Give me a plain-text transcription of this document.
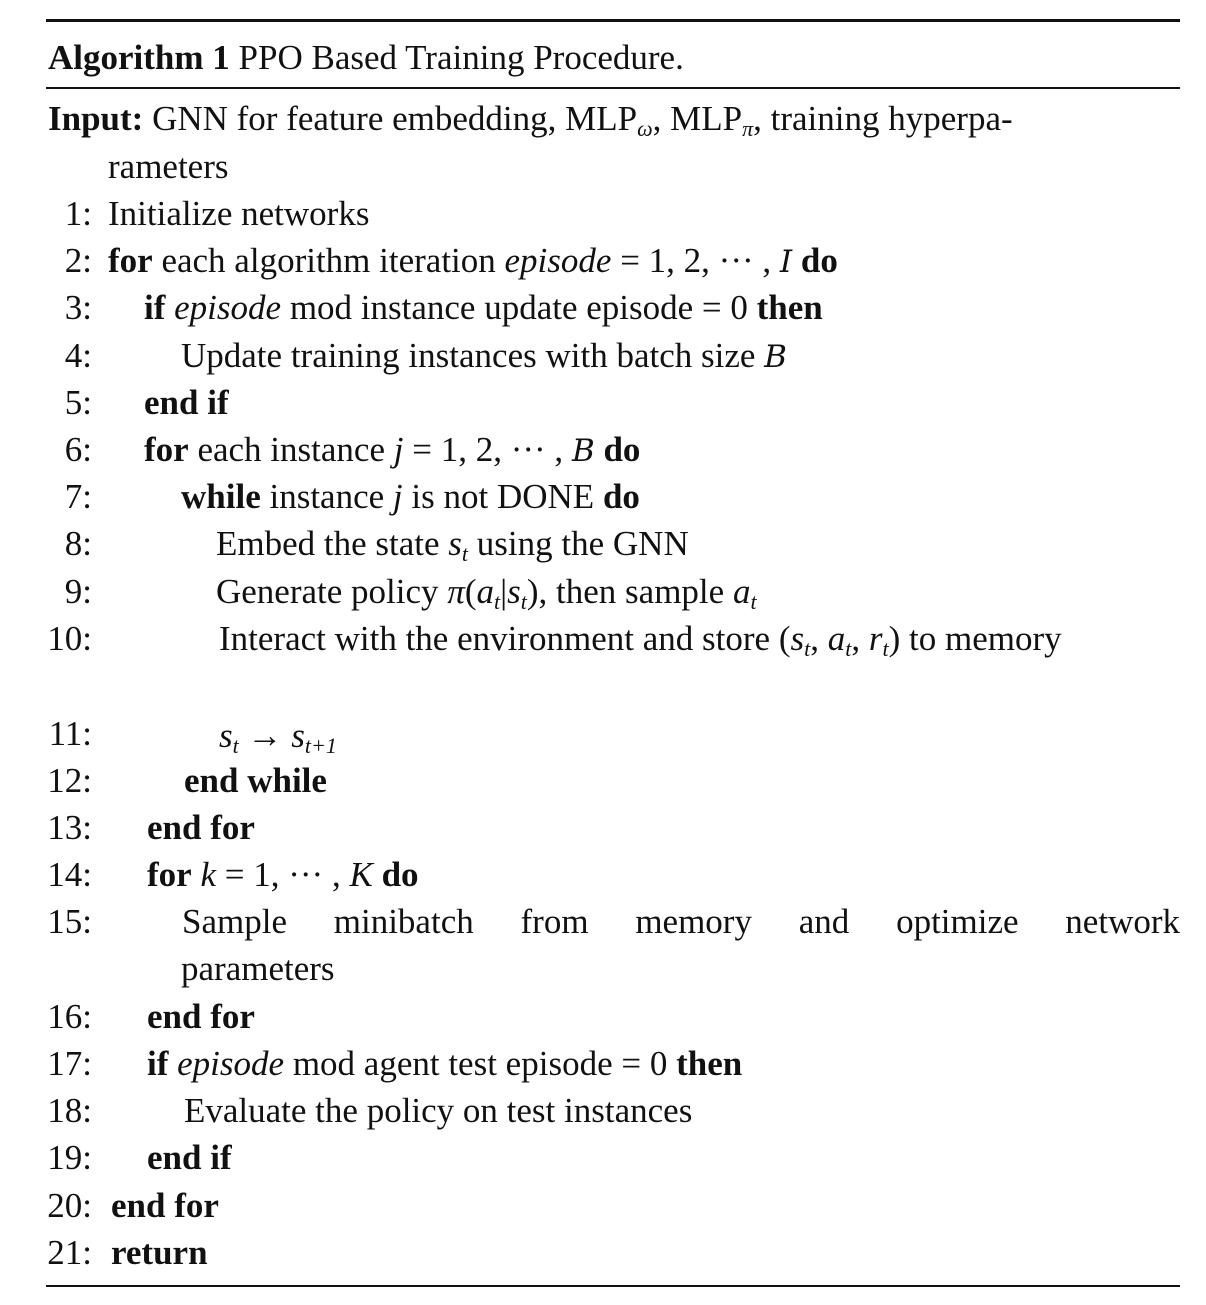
Algorithm 1 PPO Based Training Procedure.
Input: GNN for feature embedding, $MLP_\omega$, $MLP_\pi$, training hyperpa-
rameters
1: Initialize networks
2: for each algorithm iteration episode = 1, 2, ··· , I do
3: if episode mod instance update episode = 0 then
4:	Update training instances with batch size B
5: end if
6: for each instance j = 1, 2, ··· , B do
7:	while instance j is not DONE do
8:	Embed the state $s_t$ using the GNN
9:	Generate policy $\pi(a_t|s_t)$, then sample $a_t$
10:	Interact with the environment and store ($s_t$, $a_t$, $r_t$) to memory
11:	$s_t \to s_{t+1}$
12:	end while
13: end for
14: for k = 1, ··· , K do
15:	Sample minibatch from memory and optimize network
parameters
16: end for
17: if episode mod agent test episode = 0 then
18:	Evaluate the policy on test instances
19: end if
20: end for
21: return
